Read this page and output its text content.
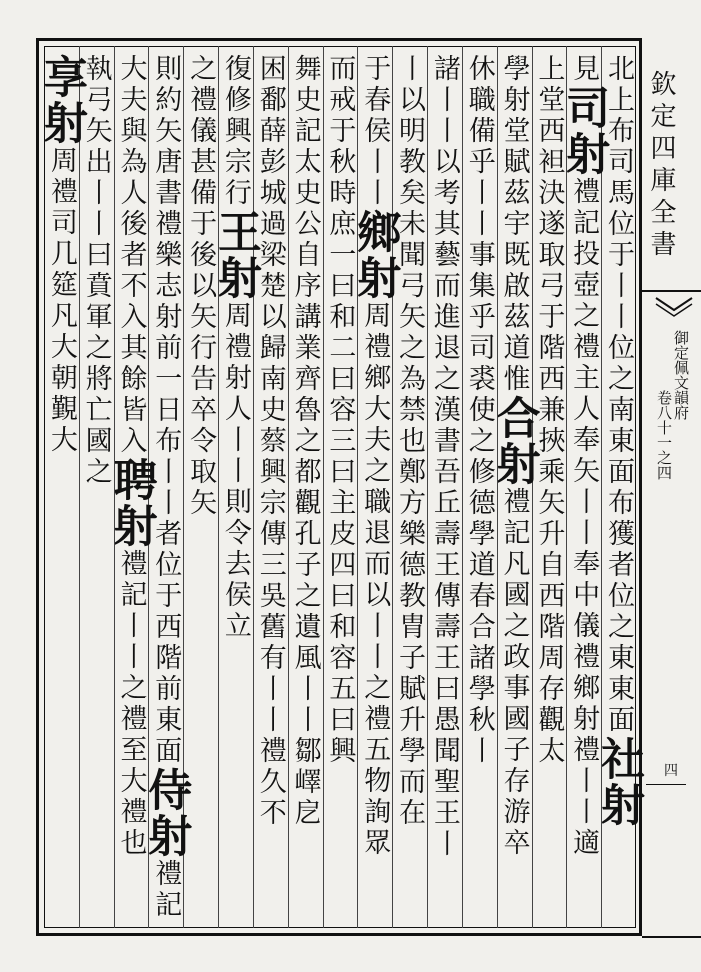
欽定四庫全書
御定佩文韻府
卷八十一之四
四
北上布司馬位于丨丨位之南東面布獲者位之東東面社射
見司射禮記投壺之禮主人奉矢丨丨奉中儀禮鄉射禮丨丨適
上堂西袒決遂取弓于階西兼挾乘矢升自西階周存觀太
學射堂賦茲宇既啟茲道惟合射禮記凡國之政事國子存游卒
休職備乎丨丨事集乎司裘使之修德學道春合諸學秋丨
諸丨丨以考其藝而進退之漢書吾丘壽王傳壽王曰愚聞聖王丨
丨以明教矣未聞弓矢之為禁也鄭方樂德教胄子賦升學而在
于春侯丨丨鄉射周禮鄉大夫之職退而以丨丨之禮五物詢眾
而戒于秋時庶一曰和二曰容三曰主皮四曰和容五曰興
舞史記太史公自序講業齊魯之都觀孔子之遺風丨丨鄒嶧戹
困鄱薛彭城過梁楚以歸南史蔡興宗傳三吳舊有丨丨禮久不
復修興宗行王射周禮射人丨丨則令去侯立
之禮儀甚備于後以矢行告卒令取矢
則約矢唐書禮樂志射前一日布丨丨者位于西階前東面侍射禮記
大夫與為人後者不入其餘皆入聘射禮記丨丨之禮至大禮也
執弓矢出丨丨曰賁軍之將亡國之
享射周禮司几筵凡大朝覲大
